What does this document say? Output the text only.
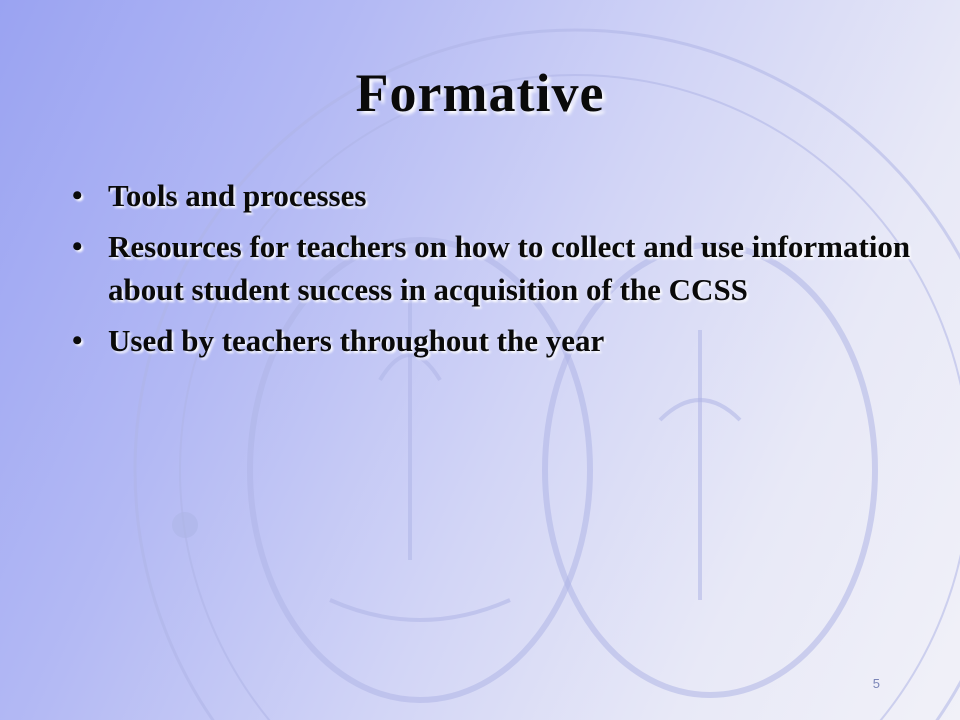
Formative
• Tools and processes
• Resources for teachers on how to collect and use information about student success in acquisition of the CCSS
• Used by teachers throughout the year
5
